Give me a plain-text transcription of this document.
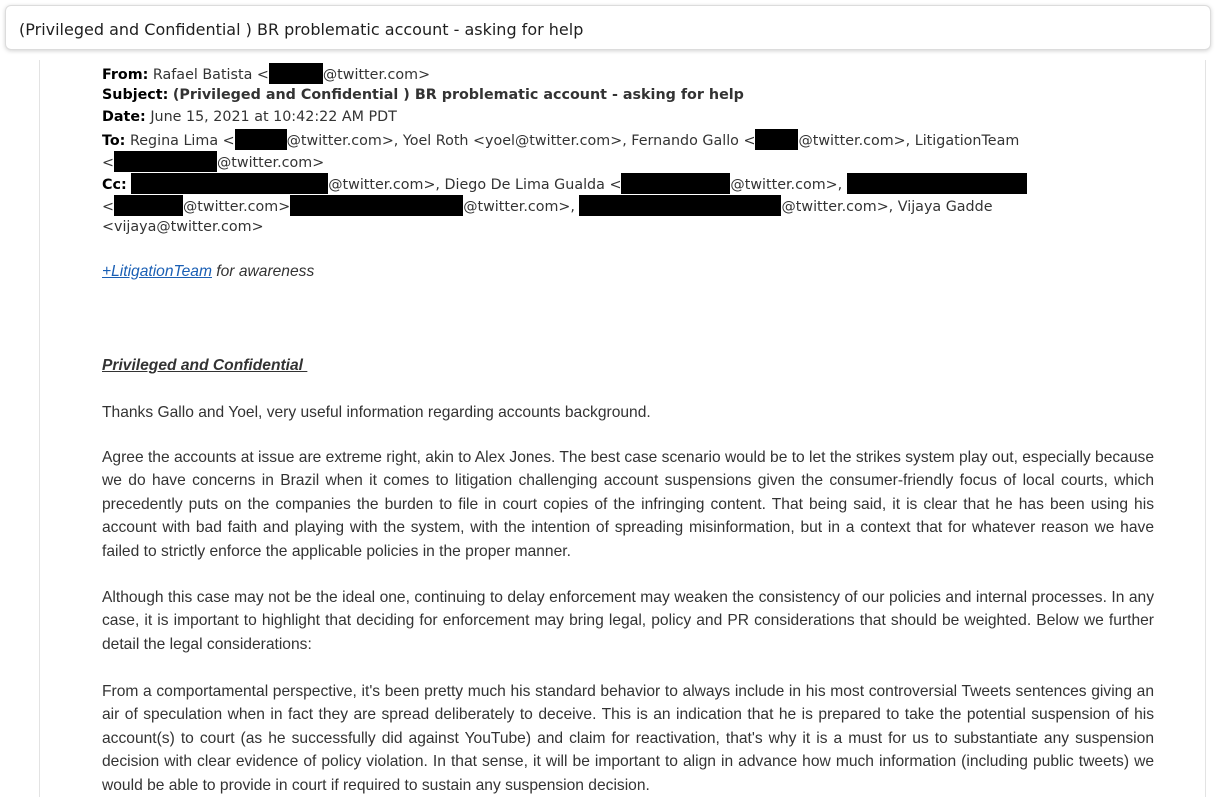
(Privileged and Confidential ) BR problematic account - asking for help
From: Rafael Batista <	@twitter.com>
Subject: (Privileged and Confidential ) BR problematic account - asking for help
Date: June 15, 2021 at 10:42:22 AM PDT
To: Regina Lima <	@twitter.com>, Yoel Roth <yoel@twitter.com>, Fernando Gallo <	@twitter.com>, LitigationTeam
<	@twitter.com>
Cc:	@twitter.com>, Diego De Lima Gualda <	@twitter.com>,
<	@twitter.com>	@twitter.com>,	@twitter.com>, Vijaya Gadde
<vijaya@twitter.com>
+LitigationTeam for awareness
Privileged and Confidential

Thanks Gallo and Yoel, very useful information regarding accounts background.

Agree the accounts at issue are extreme right, akin to Alex Jones. The best case scenario would be to let the strikes system play out, especially because we do have concerns in Brazil when it comes to litigation challenging account suspensions given the consumer-friendly focus of local courts, which precedently puts on the companies the burden to file in court copies of the infringing content. That being said, it is clear that he has been using his account with bad faith and playing with the system, with the intention of spreading misinformation, but in a context that for whatever reason we have failed to strictly enforce the applicable policies in the proper manner.

Although this case may not be the ideal one, continuing to delay enforcement may weaken the consistency of our policies and internal processes. In any case, it is important to highlight that deciding for enforcement may bring legal, policy and PR considerations that should be weighted. Below we further detail the legal considerations:

From a comportamental perspective, it's been pretty much his standard behavior to always include in his most controversial Tweets sentences giving an air of speculation when in fact they are spread deliberately to deceive. This is an indication that he is prepared to take the potential suspension of his account(s) to court (as he successfully did against YouTube) and claim for reactivation, that's why it is a must for us to substantiate any suspension decision with clear evidence of policy violation. In that sense, it will be important to align in advance how much information (including public tweets) we would be able to provide in court if required to sustain any suspension decision.
